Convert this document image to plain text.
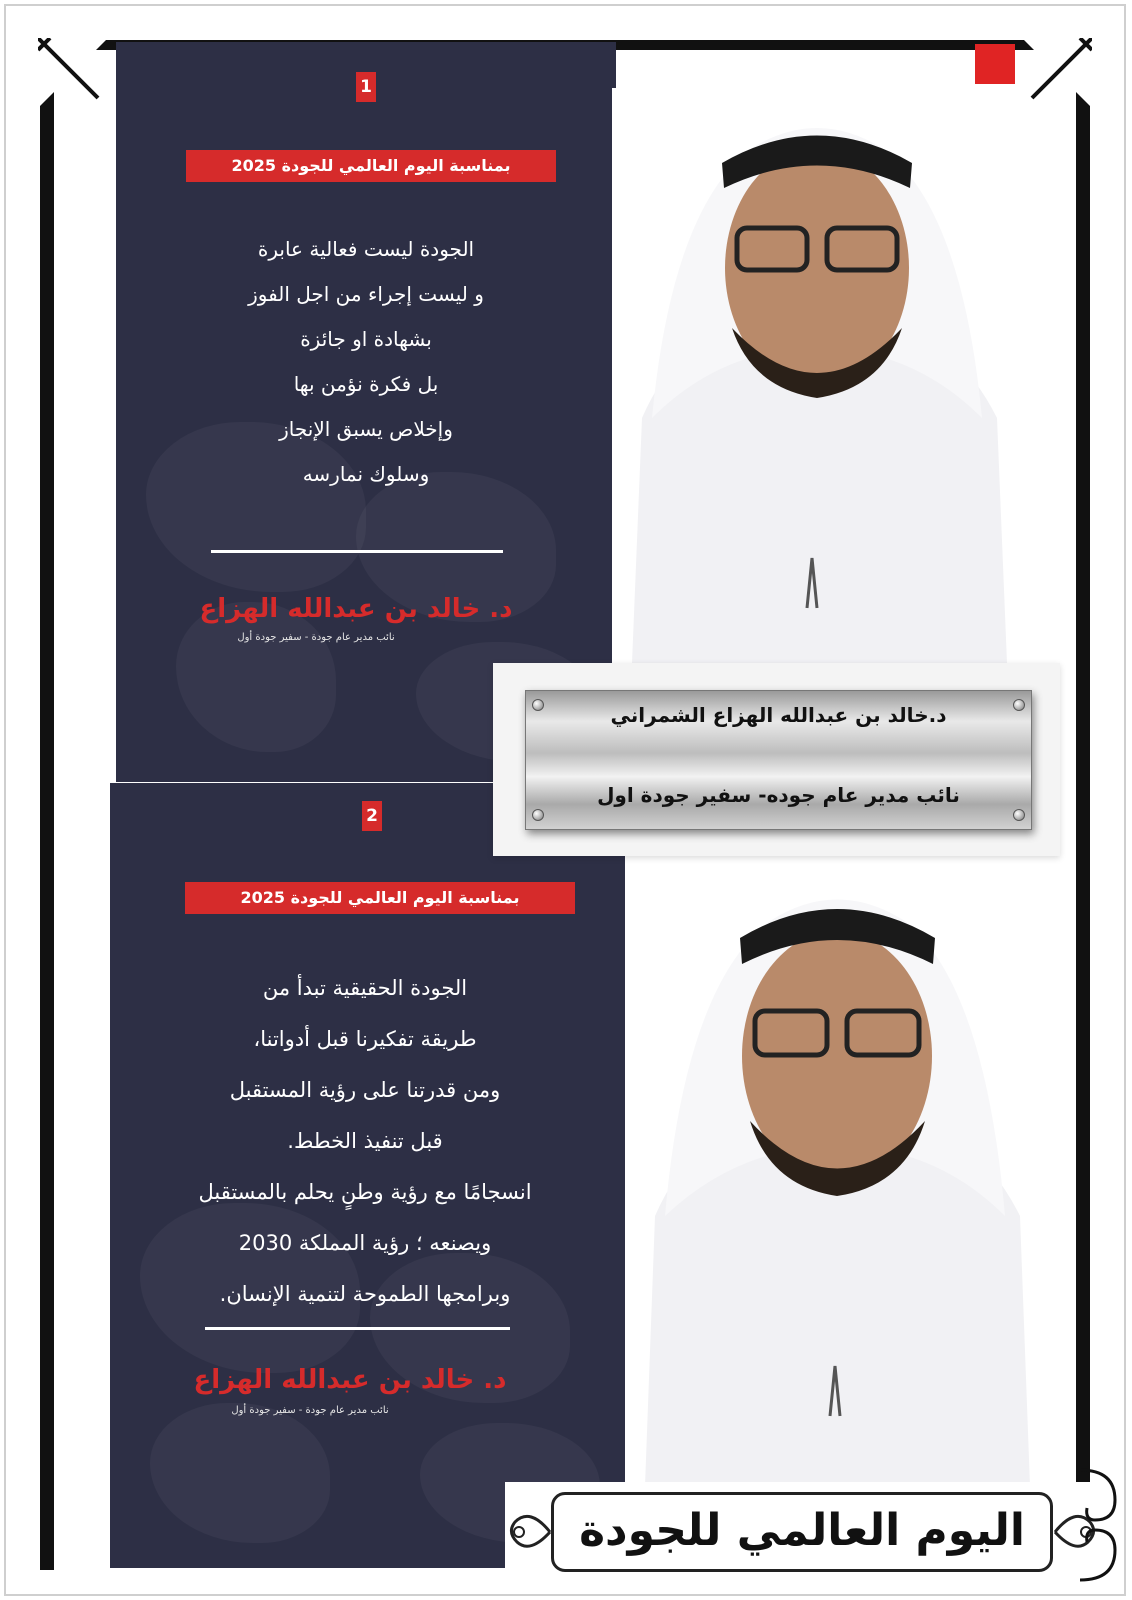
1
بمناسبة اليوم العالمي للجودة 2025
الجودة ليست فعالية عابرة
و ليست إجراء من اجل الفوز
بشهادة او جائزة
بل فكرة نؤمن بها
وإخلاص يسبق الإنجاز
وسلوك نمارسه
د. خالد بن عبدالله الهزاع
نائب مدير عام جودة - سفير جودة أول
2
بمناسبة اليوم العالمي للجودة 2025
الجودة الحقيقية تبدأ من
طريقة تفكيرنا قبل أدواتنا،
ومن قدرتنا على رؤية المستقبل
قبل تنفيذ الخطط.
انسجامًا مع رؤية وطنٍ يحلم بالمستقبل
ويصنعه ؛ رؤية المملكة 2030
وبرامجها الطموحة لتنمية الإنسان.
د. خالد بن عبدالله الهزاع
نائب مدير عام جودة - سفير جودة أول
د.خالد بن عبدالله الهزاع الشمراني
نائب مدير عام جوده- سفير جودة اول
اليوم العالمي للجودة
